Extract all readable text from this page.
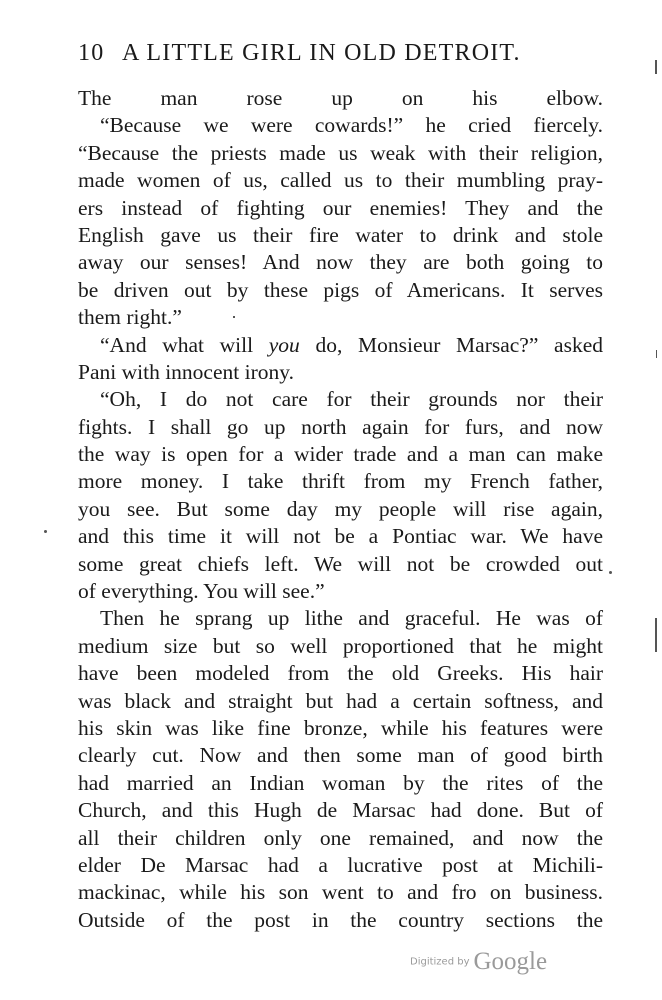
10 A LITTLE GIRL IN OLD DETROIT.
The man rose up on his elbow.
“Because we were cowards!” he cried fiercely.
“Because the priests made us weak with their religion,
made women of us, called us to their mumbling pray-
ers instead of fighting our enemies! They and the
English gave us their fire water to drink and stole
away our senses! And now they are both going to
be driven out by these pigs of Americans. It serves
them right.”
“And what will you do, Monsieur Marsac?” asked
Pani with innocent irony.
“Oh, I do not care for their grounds nor their
fights. I shall go up north again for furs, and now
the way is open for a wider trade and a man can make
more money. I take thrift from my French father,
you see. But some day my people will rise again,
and this time it will not be a Pontiac war. We have
some great chiefs left. We will not be crowded out
of everything. You will see.”
Then he sprang up lithe and graceful. He was of
medium size but so well proportioned that he might
have been modeled from the old Greeks. His hair
was black and straight but had a certain softness, and
his skin was like fine bronze, while his features were
clearly cut. Now and then some man of good birth
had married an Indian woman by the rites of the
Church, and this Hugh de Marsac had done. But of
all their children only one remained, and now the
elder De Marsac had a lucrative post at Michili-
mackinac, while his son went to and fro on business.
Outside of the post in the country sections the
Digitized by Google
